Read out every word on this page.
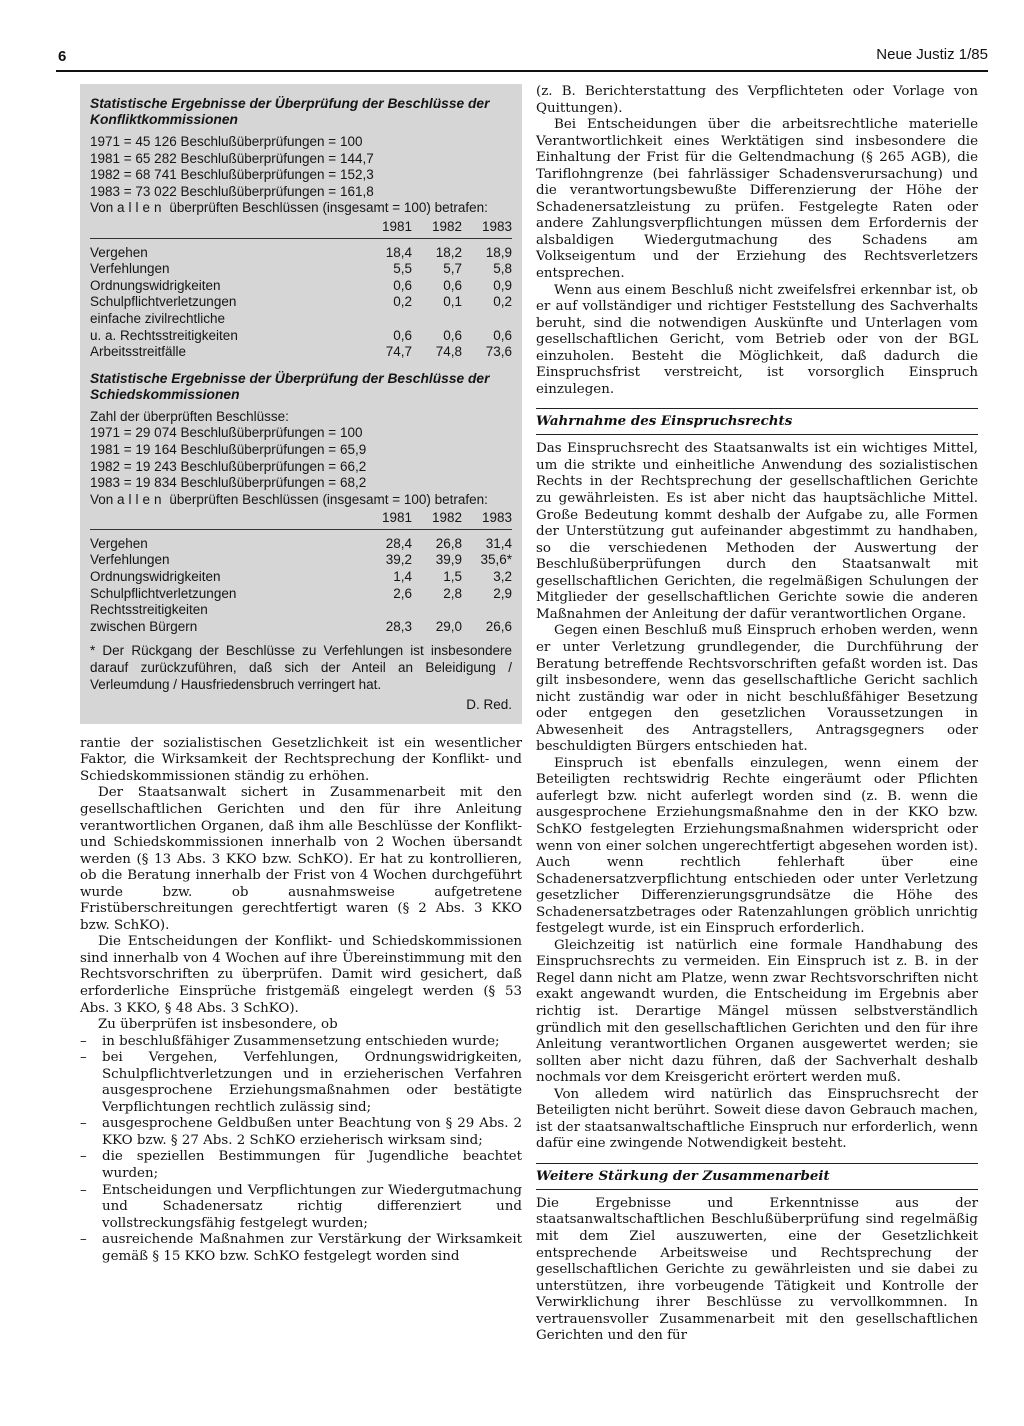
6	Neue Justiz 1/85
Statistische Ergebnisse der Überprüfung der Beschlüsse der Konfliktkommissionen

1971 = 45 126 Beschlußüberprüfungen = 100

1981 = 65 282 Beschlußüberprüfungen = 144,7

1982 = 68 741 Beschlußüberprüfungen = 152,3

1983 = 73 022 Beschlußüberprüfungen = 161,8

Von allen überprüften Beschlüssen (insgesamt = 100) betrafen:

	1981	1982	1983
Vergehen	18,4	18,2	18,9
Verfehlungen	5,5	5,7	5,8
Ordnungswidrigkeiten	0,6	0,6	0,9
Schulpflichtverletzungen	0,2	0,1	0,2
einfache zivilrechtliche			
u. a. Rechtsstreitigkeiten	0,6	0,6	0,6
Arbeitsstreitfälle	74,7	74,8	73,6
Statistische Ergebnisse der Überprüfung der Beschlüsse der Schiedskommissionen

Zahl der überprüften Beschlüsse:

1971 = 29 074 Beschlußüberprüfungen = 100

1981 = 19 164 Beschlußüberprüfungen = 65,9

1982 = 19 243 Beschlußüberprüfungen = 66,2

1983 = 19 834 Beschlußüberprüfungen = 68,2

Von allen überprüften Beschlüssen (insgesamt = 100) betrafen:

	1981	1982	1983
Vergehen	28,4	26,8	31,4
Verfehlungen	39,2	39,9	35,6*
Ordnungswidrigkeiten	1,4	1,5	3,2
Schulpflichtverletzungen	2,6	2,8	2,9
Rechtsstreitigkeiten			
zwischen Bürgern	28,3	29,0	26,6

* Der Rückgang der Beschlüsse zu Verfehlungen ist insbesondere darauf zurückzuführen, daß sich der Anteil an Beleidigung / Verleumdung / Hausfriedensbruch verringert hat.

D. Red.

rantie der sozialistischen Gesetzlichkeit ist ein wesentlicher Faktor, die Wirksamkeit der Rechtsprechung der Konflikt- und Schiedskommissionen ständig zu erhöhen.

Der Staatsanwalt sichert in Zusammenarbeit mit den gesellschaftlichen Gerichten und den für ihre Anleitung verantwortlichen Organen, daß ihm alle Beschlüsse der Konflikt- und Schiedskommissionen innerhalb von 2 Wochen übersandt werden (§ 13 Abs. 3 KKO bzw. SchKO). Er hat zu kontrollieren, ob die Beratung innerhalb der Frist von 4 Wochen durchgeführt wurde bzw. ob ausnahmsweise aufgetretene Fristüberschreitungen gerechtfertigt waren (§ 2 Abs. 3 KKO bzw. SchKO).

Die Entscheidungen der Konflikt- und Schiedskommissionen sind innerhalb von 4 Wochen auf ihre Übereinstimmung mit den Rechtsvorschriften zu überprüfen. Damit wird gesichert, daß erforderliche Einsprüche fristgemäß eingelegt werden (§ 53 Abs. 3 KKO, § 48 Abs. 3 SchKO).

Zu überprüfen ist insbesondere, ob

– in beschlußfähiger Zusammensetzung entschieden wurde;
– bei Vergehen, Verfehlungen, Ordnungswidrigkeiten, Schulpflichtverletzungen und in erzieherischen Verfahren ausgesprochene Erziehungsmaßnahmen oder bestätigte Verpflichtungen rechtlich zulässig sind;
– ausgesprochene Geldbußen unter Beachtung von § 29 Abs. 2 KKO bzw. § 27 Abs. 2 SchKO erzieherisch wirksam sind;
– die speziellen Bestimmungen für Jugendliche beachtet wurden;
– Entscheidungen und Verpflichtungen zur Wiedergutmachung und Schadenersatz richtig differenziert und vollstreckungsfähig festgelegt wurden;
– ausreichende Maßnahmen zur Verstärkung der Wirksamkeit gemäß § 15 KKO bzw. SchKO festgelegt worden sind

(z. B. Berichterstattung des Verpflichteten oder Vorlage von Quittungen).

Bei Entscheidungen über die arbeitsrechtliche materielle Verantwortlichkeit eines Werktätigen sind insbesondere die Einhaltung der Frist für die Geltendmachung (§ 265 AGB), die Tariflohngrenze (bei fahrlässiger Schadensverursachung) und die verantwortungsbewußte Differenzierung der Höhe der Schadenersatzleistung zu prüfen. Festgelegte Raten oder andere Zahlungsverpflichtungen müssen dem Erfordernis der alsbaldigen Wiedergutmachung des Schadens am Volkseigentum und der Erziehung des Rechtsverletzers entsprechen.

Wenn aus einem Beschluß nicht zweifelsfrei erkennbar ist, ob er auf vollständiger und richtiger Feststellung des Sachverhalts beruht, sind die notwendigen Auskünfte und Unterlagen vom gesellschaftlichen Gericht, vom Betrieb oder von der BGL einzuholen. Besteht die Möglichkeit, daß dadurch die Einspruchsfrist verstreicht, ist vorsorglich Einspruch einzulegen.

Wahrnahme des Einspruchsrechts

Das Einspruchsrecht des Staatsanwalts ist ein wichtiges Mittel, um die strikte und einheitliche Anwendung des sozialistischen Rechts in der Rechtsprechung der gesellschaftlichen Gerichte zu gewährleisten. Es ist aber nicht das hauptsächliche Mittel. Große Bedeutung kommt deshalb der Aufgabe zu, alle Formen der Unterstützung gut aufeinander abgestimmt zu handhaben, so die verschiedenen Methoden der Auswertung der Beschlußüberprüfungen durch den Staatsanwalt mit gesellschaftlichen Gerichten, die regelmäßigen Schulungen der Mitglieder der gesellschaftlichen Gerichte sowie die anderen Maßnahmen der Anleitung der dafür verantwortlichen Organe.

Gegen einen Beschluß muß Einspruch erhoben werden, wenn er unter Verletzung grundlegender, die Durchführung der Beratung betreffende Rechtsvorschriften gefaßt worden ist. Das gilt insbesondere, wenn das gesellschaftliche Gericht sachlich nicht zuständig war oder in nicht beschlußfähiger Besetzung oder entgegen den gesetzlichen Voraussetzungen in Abwesenheit des Antragstellers, Antragsgegners oder beschuldigten Bürgers entschieden hat.

Einspruch ist ebenfalls einzulegen, wenn einem der Beteiligten rechtswidrig Rechte eingeräumt oder Pflichten auferlegt bzw. nicht auferlegt worden sind (z. B. wenn die ausgesprochene Erziehungsmaßnahme den in der KKO bzw. SchKO festgelegten Erziehungsmaßnahmen widerspricht oder wenn von einer solchen ungerechtfertigt abgesehen worden ist). Auch wenn rechtlich fehlerhaft über eine Schadenersatzverpflichtung entschieden oder unter Verletzung gesetzlicher Differenzierungsgrundsätze die Höhe des Schadenersatzbetrages oder Ratenzahlungen gröblich unrichtig festgelegt wurde, ist ein Einspruch erforderlich.

Gleichzeitig ist natürlich eine formale Handhabung des Einspruchsrechts zu vermeiden. Ein Einspruch ist z. B. in der Regel dann nicht am Platze, wenn zwar Rechtsvorschriften nicht exakt angewandt wurden, die Entscheidung im Ergebnis aber richtig ist. Derartige Mängel müssen selbstverständlich gründlich mit den gesellschaftlichen Gerichten und den für ihre Anleitung verantwortlichen Organen ausgewertet werden; sie sollten aber nicht dazu führen, daß der Sachverhalt deshalb nochmals vor dem Kreisgericht erörtert werden muß.

Von alledem wird natürlich das Einspruchsrecht der Beteiligten nicht berührt. Soweit diese davon Gebrauch machen, ist der staatsanwaltschaftliche Einspruch nur erforderlich, wenn dafür eine zwingende Notwendigkeit besteht.

Weitere Stärkung der Zusammenarbeit

Die Ergebnisse und Erkenntnisse aus der staatsanwaltschaftlichen Beschlußüberprüfung sind regelmäßig mit dem Ziel auszuwerten, eine der Gesetzlichkeit entsprechende Arbeitsweise und Rechtsprechung der gesellschaftlichen Gerichte zu gewährleisten und sie dabei zu unterstützen, ihre vorbeugende Tätigkeit und Kontrolle der Verwirklichung ihrer Beschlüsse zu vervollkommnen. In vertrauensvoller Zusammenarbeit mit den gesellschaftlichen Gerichten und den für
